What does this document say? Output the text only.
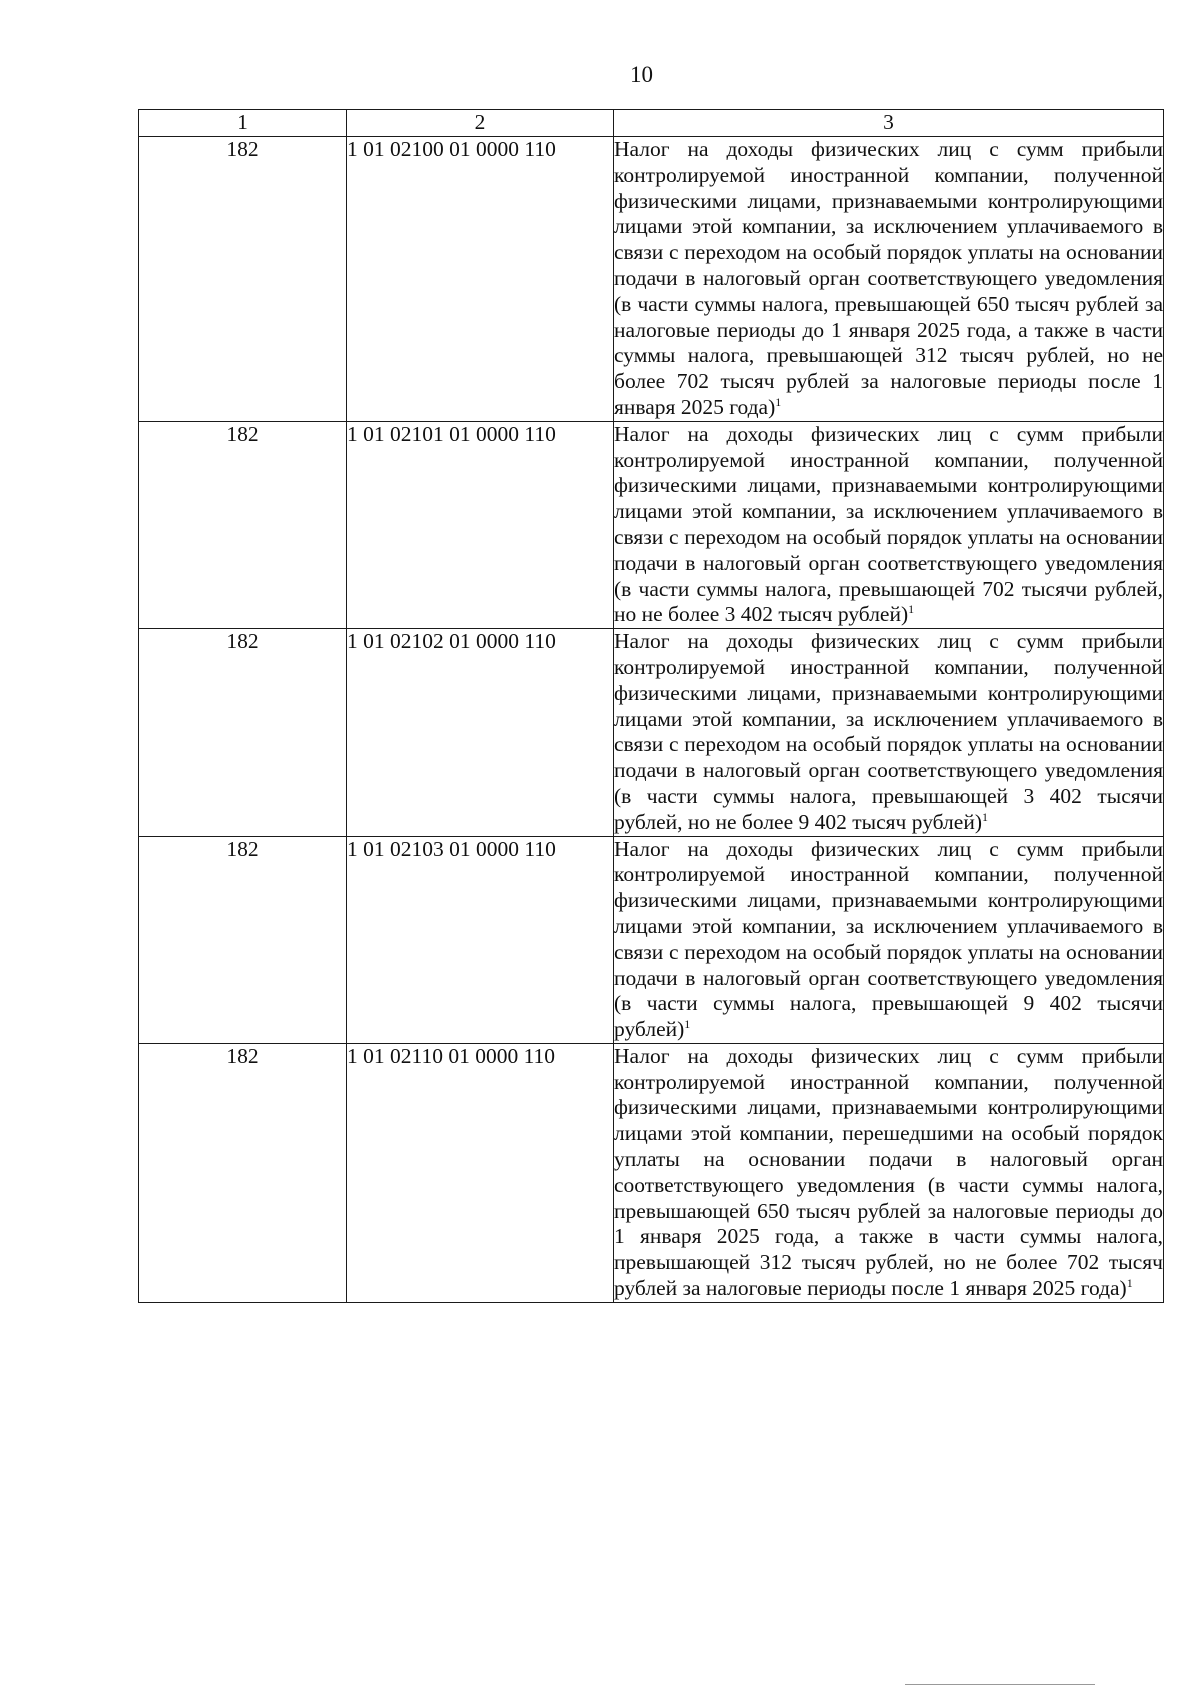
10
1	2	3
182	1 01 02100 01 0000 110	Налог на доходы физических лиц с сумм прибыли контролируемой иностранной компании, полученной физическими лицами, признаваемыми контролирующими лицами этой компании, за исключением уплачиваемого в связи с переходом на особый порядок уплаты на основании подачи в налоговый орган соответствующего уведомления (в части суммы налога, превышающей 650 тысяч рублей за налоговые периоды до 1 января 2025 года, а также в части суммы налога, превышающей 312 тысяч рублей, но не более 702 тысяч рублей за налоговые периоды после 1 января 2025 года)$^1$
182	1 01 02101 01 0000 110	Налог на доходы физических лиц с сумм прибыли контролируемой иностранной компании, полученной физическими лицами, признаваемыми контролирующими лицами этой компании, за исключением уплачиваемого в связи с переходом на особый порядок уплаты на основании подачи в налоговый орган соответствующего уведомления (в части суммы налога, превышающей 702 тысячи рублей, но не более 3 402 тысяч рублей)$^1$
182	1 01 02102 01 0000 110	Налог на доходы физических лиц с сумм прибыли контролируемой иностранной компании, полученной физическими лицами, признаваемыми контролирующими лицами этой компании, за исключением уплачиваемого в связи с переходом на особый порядок уплаты на основании подачи в налоговый орган соответствующего уведомления (в части суммы налога, превышающей 3 402 тысячи рублей, но не более 9 402 тысяч рублей)$^1$
182	1 01 02103 01 0000 110	Налог на доходы физических лиц с сумм прибыли контролируемой иностранной компании, полученной физическими лицами, признаваемыми контролирующими лицами этой компании, за исключением уплачиваемого в связи с переходом на особый порядок уплаты на основании подачи в налоговый орган соответствующего уведомления (в части суммы налога, превышающей 9 402 тысячи рублей)$^1$
182	1 01 02110 01 0000 110	Налог на доходы физических лиц с сумм прибыли контролируемой иностранной компании, полученной физическими лицами, признаваемыми контролирующими лицами этой компании, перешедшими на особый порядок уплаты на основании подачи в налоговый орган соответствующего уведомления (в части суммы налога, превышающей 650 тысяч рублей за налоговые периоды до 1 января 2025 года, а также в части суммы налога, превышающей 312 тысяч рублей, но не более 702 тысяч рублей за налоговые периоды после 1 января 2025 года)$^1$
